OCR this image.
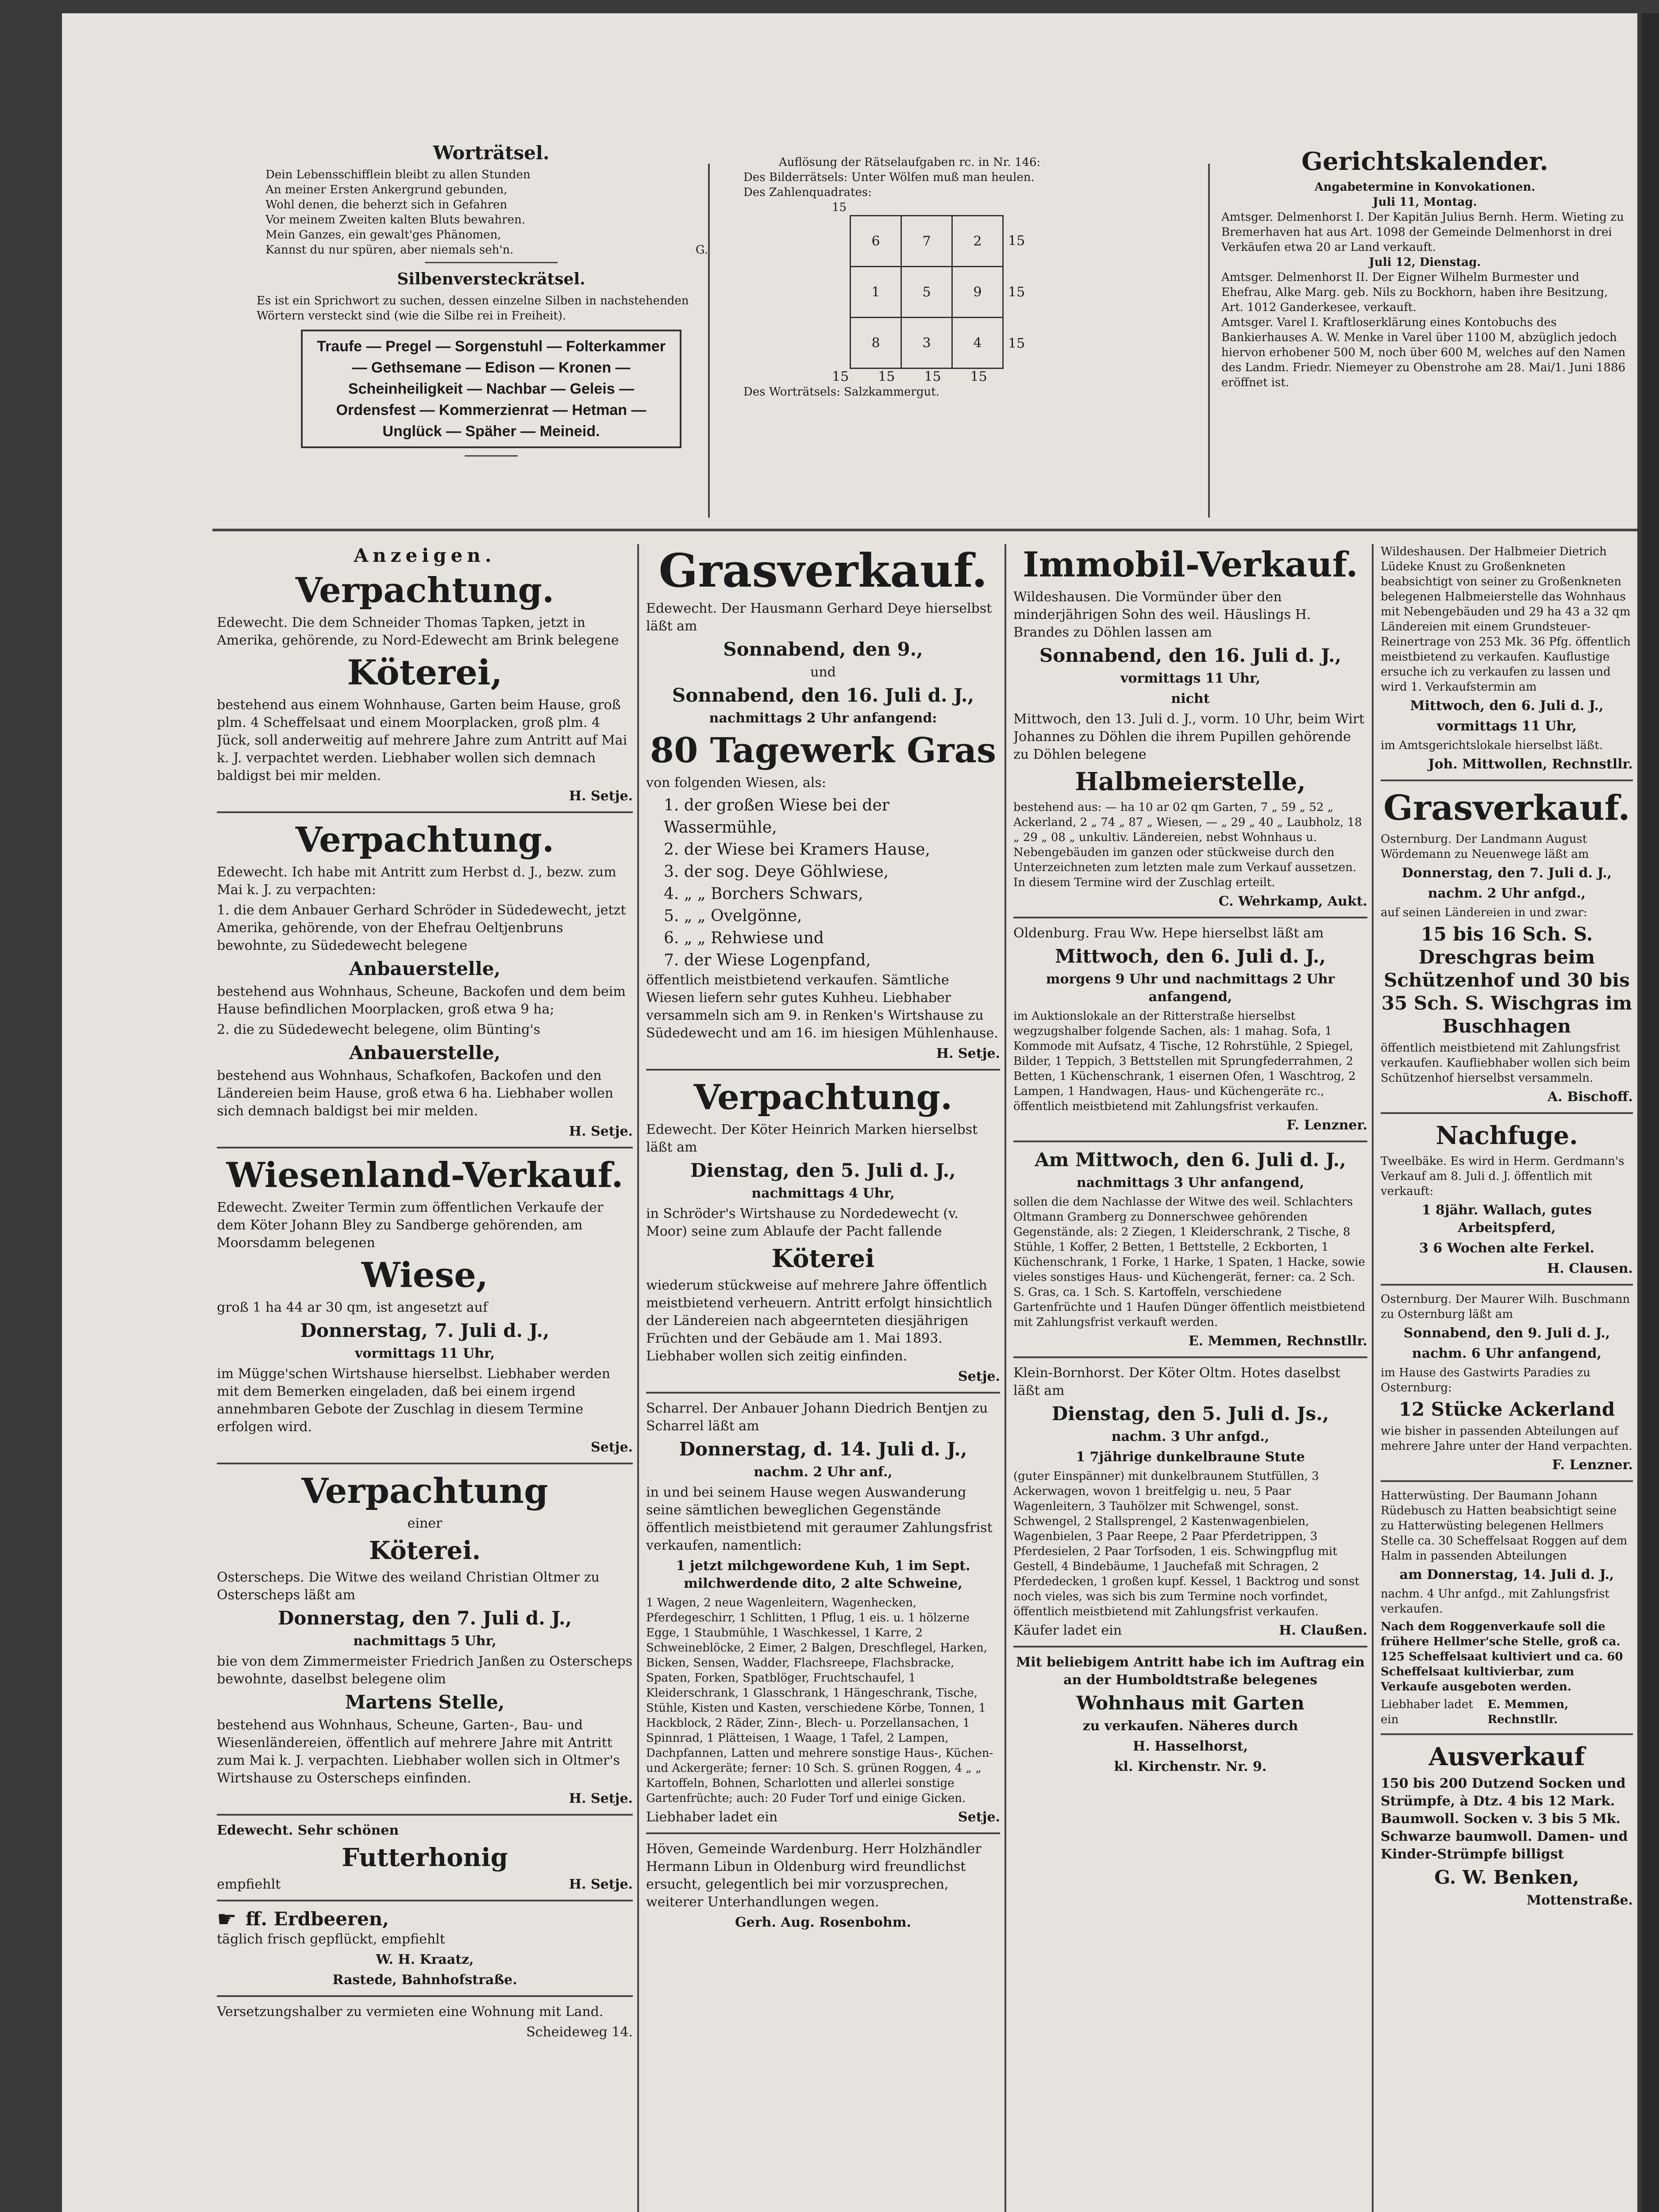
Worträtsel.

Dein Lebensschifflein bleibt zu allen Stunden
An meiner Ersten Ankergrund gebunden,
Wohl denen, die beherzt sich in Gefahren
Vor meinem Zweiten kalten Bluts bewahren.
Mein Ganzes, ein gewalt'ges Phänomen,
Kannst du nur spüren, aber niemals seh'n.	G.

Silbenversteckrätsel.

Es ist ein Sprichwort zu suchen, dessen einzelne Silben in nachstehenden Wörtern versteckt sind (wie die Silbe rei in Freiheit).
Traufe — Pregel — Sorgenstuhl — Folterkammer — Gethsemane — Edison — Kronen — Scheinheiligkeit — Nachbar — Geleis — Ordensfest — Kommerzienrat — Hetman — Unglück — Späher — Meineid.
Auflösung der Rätselaufgaben rc. in Nr. 146:
Des Bilderrätsels: Unter Wölfen muß man heulen.
Des Zahlenquadrates:
15
6	7	2
1	5	9
8	3	4
15
15
15
15 15 15 15
Des Worträtsels: Salzkammergut.

Gerichtskalender.

Angabetermine in Konvokationen.
Juli 11, Montag.
Amtsger. Delmenhorst I. Der Kapitän Julius Bernh. Herm. Wieting zu Bremerhaven hat aus Art. 1098 der Gemeinde Delmenhorst in drei Verkäufen etwa 20 ar Land verkauft.
Juli 12, Dienstag.
Amtsger. Delmenhorst II. Der Eigner Wilhelm Burmester und Ehefrau, Alke Marg. geb. Nils zu Bockhorn, haben ihre Besitzung, Art. 1012 Ganderkesee, verkauft.
Amtsger. Varel I. Kraftloserklärung eines Kontobuchs des Bankierhauses A. W. Menke in Varel über 1100 M, abzüglich jedoch hiervon erhobener 500 M, noch über 600 M, welches auf den Namen des Landm. Friedr. Niemeyer zu Obenstrohe am 28. Mai/1. Juni 1886 eröffnet ist.

Anzeigen.

Verpachtung.

Edewecht. Die dem Schneider Thomas Tapken, jetzt in Amerika, gehörende, zu Nord-Edewecht am Brink belegene

Köterei,

bestehend aus einem Wohnhause, Garten beim Hause, groß plm. 4 Scheffelsaat und einem Moorplacken, groß plm. 4 Jück, soll anderweitig auf mehrere Jahre zum Antritt auf Mai k. J. verpachtet werden. Liebhaber wollen sich demnach baldigst bei mir melden.

H. Setje.

Verpachtung.

Edewecht. Ich habe mit Antritt zum Herbst d. J., bezw. zum Mai k. J. zu verpachten:

1. die dem Anbauer Gerhard Schröder in Südedewecht, jetzt Amerika, gehörende, von der Ehefrau Oeltjenbruns bewohnte, zu Südedewecht belegene

Anbauerstelle,

bestehend aus Wohnhaus, Scheune, Backofen und dem beim Hause befindlichen Moorplacken, groß etwa 9 ha;

2. die zu Südedewecht belegene, olim Bünting's

Anbauerstelle,

bestehend aus Wohnhaus, Schafkofen, Backofen und den Ländereien beim Hause, groß etwa 6 ha. Liebhaber wollen sich demnach baldigst bei mir melden.

H. Setje.

Wiesenland-Verkauf.

Edewecht. Zweiter Termin zum öffentlichen Verkaufe der dem Köter Johann Bley zu Sandberge gehörenden, am Moorsdamm belegenen

Wiese,

groß 1 ha 44 ar 30 qm, ist angesetzt auf

Donnerstag, 7. Juli d. J.,

vormittags 11 Uhr,

im Mügge'schen Wirtshause hierselbst. Liebhaber werden mit dem Bemerken eingeladen, daß bei einem irgend annehmbaren Gebote der Zuschlag in diesem Termine erfolgen wird.

Setje.

Verpachtung

einer

Köterei.

Osterscheps. Die Witwe des weiland Christian Oltmer zu Osterscheps läßt am

Donnerstag, den 7. Juli d. J.,

nachmittags 5 Uhr,

bie von dem Zimmermeister Friedrich Janßen zu Osterscheps bewohnte, daselbst belegene olim

Martens Stelle,

bestehend aus Wohnhaus, Scheune, Garten-, Bau- und Wiesenländereien, öffentlich auf mehrere Jahre mit Antritt zum Mai k. J. verpachten. Liebhaber wollen sich in Oltmer's Wirtshause zu Osterscheps einfinden.

H. Setje.

Edewecht. Sehr schönen

Futterhonig

empfiehlt	H. Setje.
☛ ff. Erdbeeren,

täglich frisch gepflückt, empfiehlt

W. H. Kraatz,

Rastede, Bahnhofstraße.

Versetzungshalber zu vermieten eine Wohnung mit Land.

Scheideweg 14.

Grasverkauf.

Edewecht. Der Hausmann Gerhard Deye hierselbst läßt am

Sonnabend, den 9.,

und

Sonnabend, den 16. Juli d. J.,

nachmittags 2 Uhr anfangend:

80 Tagewerk Gras

von folgenden Wiesen, als:

1. der großen Wiese bei der Wassermühle,
2. der Wiese bei Kramers Hause,
3. der sog. Deye Göhlwiese,
4. „ „ Borchers Schwars,
5. „ „ Ovelgönne,
6. „ „ Rehwiese und
7. der Wiese Logenpfand,

öffentlich meistbietend verkaufen. Sämtliche Wiesen liefern sehr gutes Kuhheu. Liebhaber versammeln sich am 9. in Renken's Wirtshause zu Südedewecht und am 16. im hiesigen Mühlenhause.

H. Setje.

Verpachtung.

Edewecht. Der Köter Heinrich Marken hierselbst läßt am

Dienstag, den 5. Juli d. J.,

nachmittags 4 Uhr,

in Schröder's Wirtshause zu Nordedewecht (v. Moor) seine zum Ablaufe der Pacht fallende

Köterei

wiederum stückweise auf mehrere Jahre öffentlich meistbietend verheuern. Antritt erfolgt hinsichtlich der Ländereien nach abgeernteten diesjährigen Früchten und der Gebäude am 1. Mai 1893. Liebhaber wollen sich zeitig einfinden.

Setje.

Scharrel. Der Anbauer Johann Diedrich Bentjen zu Scharrel läßt am

Donnerstag, d. 14. Juli d. J.,

nachm. 2 Uhr anf.,

in und bei seinem Hause wegen Auswanderung seine sämtlichen beweglichen Gegenstände öffentlich meistbietend mit geraumer Zahlungsfrist verkaufen, namentlich:

1 jetzt milchgewordene Kuh, 1 im Sept. milchwerdende dito, 2 alte Schweine,

1 Wagen, 2 neue Wagenleitern, Wagenhecken, Pferdegeschirr, 1 Schlitten, 1 Pflug, 1 eis. u. 1 hölzerne Egge, 1 Staubmühle, 1 Waschkessel, 1 Karre, 2 Schweineblöcke, 2 Eimer, 2 Balgen, Dreschflegel, Harken, Bicken, Sensen, Wadder, Flachsreepe, Flachsbracke, Spaten, Forken, Spatblöger, Fruchtschaufel, 1 Kleiderschrank, 1 Glasschrank, 1 Hängeschrank, Tische, Stühle, Kisten und Kasten, verschiedene Körbe, Tonnen, 1 Hackblock, 2 Räder, Zinn-, Blech- u. Porzellansachen, 1 Spinnrad, 1 Plätteisen, 1 Waage, 1 Tafel, 2 Lampen, Dachpfannen, Latten und mehrere sonstige Haus-, Küchen- und Ackergeräte; ferner: 10 Sch. S. grünen Roggen, 4 „ „ Kartoffeln, Bohnen, Scharlotten und allerlei sonstige Gartenfrüchte; auch: 20 Fuder Torf und einige Gicken.

Liebhaber ladet ein	Setje.

Höven, Gemeinde Wardenburg. Herr Holzhändler Hermann Libun in Oldenburg wird freundlichst ersucht, gelegentlich bei mir vorzusprechen, weiterer Unterhandlungen wegen.

Gerh. Aug. Rosenbohm.

Immobil-Verkauf.

Wildeshausen. Die Vormünder über den minderjährigen Sohn des weil. Häuslings H. Brandes zu Döhlen lassen am

Sonnabend, den 16. Juli d. J.,

vormittags 11 Uhr,

nicht

Mittwoch, den 13. Juli d. J., vorm. 10 Uhr, beim Wirt Johannes zu Döhlen die ihrem Pupillen gehörende zu Döhlen belegene

Halbmeierstelle,

bestehend aus: — ha 10 ar 02 qm Garten, 7 „ 59 „ 52 „ Ackerland, 2 „ 74 „ 87 „ Wiesen, — „ 29 „ 40 „ Laubholz, 18 „ 29 „ 08 „ unkultiv. Ländereien, nebst Wohnhaus u. Nebengebäuden im ganzen oder stückweise durch den Unterzeichneten zum letzten male zum Verkauf aussetzen. In diesem Termine wird der Zuschlag erteilt.

C. Wehrkamp, Aukt.

Oldenburg. Frau Ww. Hepe hierselbst läßt am

Mittwoch, den 6. Juli d. J.,

morgens 9 Uhr und nachmittags 2 Uhr anfangend,

im Auktionslokale an der Ritterstraße hierselbst wegzugshalber folgende Sachen, als: 1 mahag. Sofa, 1 Kommode mit Aufsatz, 4 Tische, 12 Rohrstühle, 2 Spiegel, Bilder, 1 Teppich, 3 Bettstellen mit Sprungfederrahmen, 2 Betten, 1 Küchenschrank, 1 eisernen Ofen, 1 Waschtrog, 2 Lampen, 1 Handwagen, Haus- und Küchengeräte rc., öffentlich meistbietend mit Zahlungsfrist verkaufen.

F. Lenzner.

Am Mittwoch, den 6. Juli d. J.,

nachmittags 3 Uhr anfangend,

sollen die dem Nachlasse der Witwe des weil. Schlachters Oltmann Gramberg zu Donnerschwee gehörenden Gegenstände, als: 2 Ziegen, 1 Kleiderschrank, 2 Tische, 8 Stühle, 1 Koffer, 2 Betten, 1 Bettstelle, 2 Eckborten, 1 Küchenschrank, 1 Forke, 1 Harke, 1 Spaten, 1 Hacke, sowie vieles sonstiges Haus- und Küchengerät, ferner: ca. 2 Sch. S. Gras, ca. 1 Sch. S. Kartoffeln, verschiedene Gartenfrüchte und 1 Haufen Dünger öffentlich meistbietend mit Zahlungsfrist verkauft werden.

E. Memmen, Rechnstllr.

Klein-Bornhorst. Der Köter Oltm. Hotes daselbst läßt am

Dienstag, den 5. Juli d. Js.,

nachm. 3 Uhr anfgd.,

1 7jährige dunkelbraune Stute

(guter Einspänner) mit dunkelbraunem Stutfüllen, 3 Ackerwagen, wovon 1 breitfelgig u. neu, 5 Paar Wagenleitern, 3 Tauhölzer mit Schwengel, sonst. Schwengel, 2 Stallsprengel, 2 Kastenwagenbielen, Wagenbielen, 3 Paar Reepe, 2 Paar Pferdetrippen, 3 Pferdesielen, 2 Paar Torfsoden, 1 eis. Schwingpflug mit Gestell, 4 Bindebäume, 1 Jauchefaß mit Schragen, 2 Pferdedecken, 1 großen kupf. Kessel, 1 Backtrog und sonst noch vieles, was sich bis zum Termine noch vorfindet, öffentlich meistbietend mit Zahlungsfrist verkaufen.

Käufer ladet ein	H. Claußen.

Mit beliebigem Antritt habe ich im Auftrag ein an der Humboldtstraße belegenes

Wohnhaus mit Garten

zu verkaufen. Näheres durch

H. Hasselhorst,

kl. Kirchenstr. Nr. 9.

Wildeshausen. Der Halbmeier Dietrich Lüdeke Knust zu Großenkneten beabsichtigt von seiner zu Großenkneten belegenen Halbmeierstelle das Wohnhaus mit Nebengebäuden und 29 ha 43 a 32 qm Ländereien mit einem Grundsteuer-Reinertrage von 253 Mk. 36 Pfg. öffentlich meistbietend zu verkaufen. Kauflustige ersuche ich zu verkaufen zu lassen und wird 1. Verkaufstermin am

Mittwoch, den 6. Juli d. J.,

vormittags 11 Uhr,

im Amtsgerichtslokale hierselbst läßt.

Joh. Mittwollen, Rechnstllr.

Grasverkauf.

Osternburg. Der Landmann August Wördemann zu Neuenwege läßt am

Donnerstag, den 7. Juli d. J.,

nachm. 2 Uhr anfgd.,

auf seinen Ländereien in und zwar:

15 bis 16 Sch. S. Dreschgras beim Schützenhof und 30 bis 35 Sch. S. Wischgras im Buschhagen

öffentlich meistbietend mit Zahlungsfrist verkaufen. Kaufliebhaber wollen sich beim Schützenhof hierselbst versammeln.

A. Bischoff.

Nachfuge.

Tweelbäke. Es wird in Herm. Gerdmann's Verkauf am 8. Juli d. J. öffentlich mit verkauft:

1 8jähr. Wallach, gutes Arbeitspferd,

3 6 Wochen alte Ferkel.

H. Clausen.

Osternburg. Der Maurer Wilh. Buschmann zu Osternburg läßt am

Sonnabend, den 9. Juli d. J.,

nachm. 6 Uhr anfangend,

im Hause des Gastwirts Paradies zu Osternburg:

12 Stücke Ackerland

wie bisher in passenden Abteilungen auf mehrere Jahre unter der Hand verpachten.

F. Lenzner.

Hatterwüsting. Der Baumann Johann Rüdebusch zu Hatten beabsichtigt seine zu Hatterwüsting belegenen Hellmers Stelle ca. 30 Scheffelsaat Roggen auf dem Halm in passenden Abteilungen

am Donnerstag, 14. Juli d. J.,

nachm. 4 Uhr anfgd., mit Zahlungsfrist verkaufen.

Nach dem Roggenverkaufe soll die frühere Hellmer'sche Stelle, groß ca. 125 Scheffelsaat kultiviert und ca. 60 Scheffelsaat kultivierbar, zum Verkaufe ausgeboten werden.

Liebhaber ladet ein
E. Memmen, Rechnstllr.

Ausverkauf

150 bis 200 Dutzend Socken und Strümpfe, à Dtz. 4 bis 12 Mark. Baumwoll. Socken v. 3 bis 5 Mk. Schwarze baumwoll. Damen- und Kinder-Strümpfe billigst

G. W. Benken,

Mottenstraße.
